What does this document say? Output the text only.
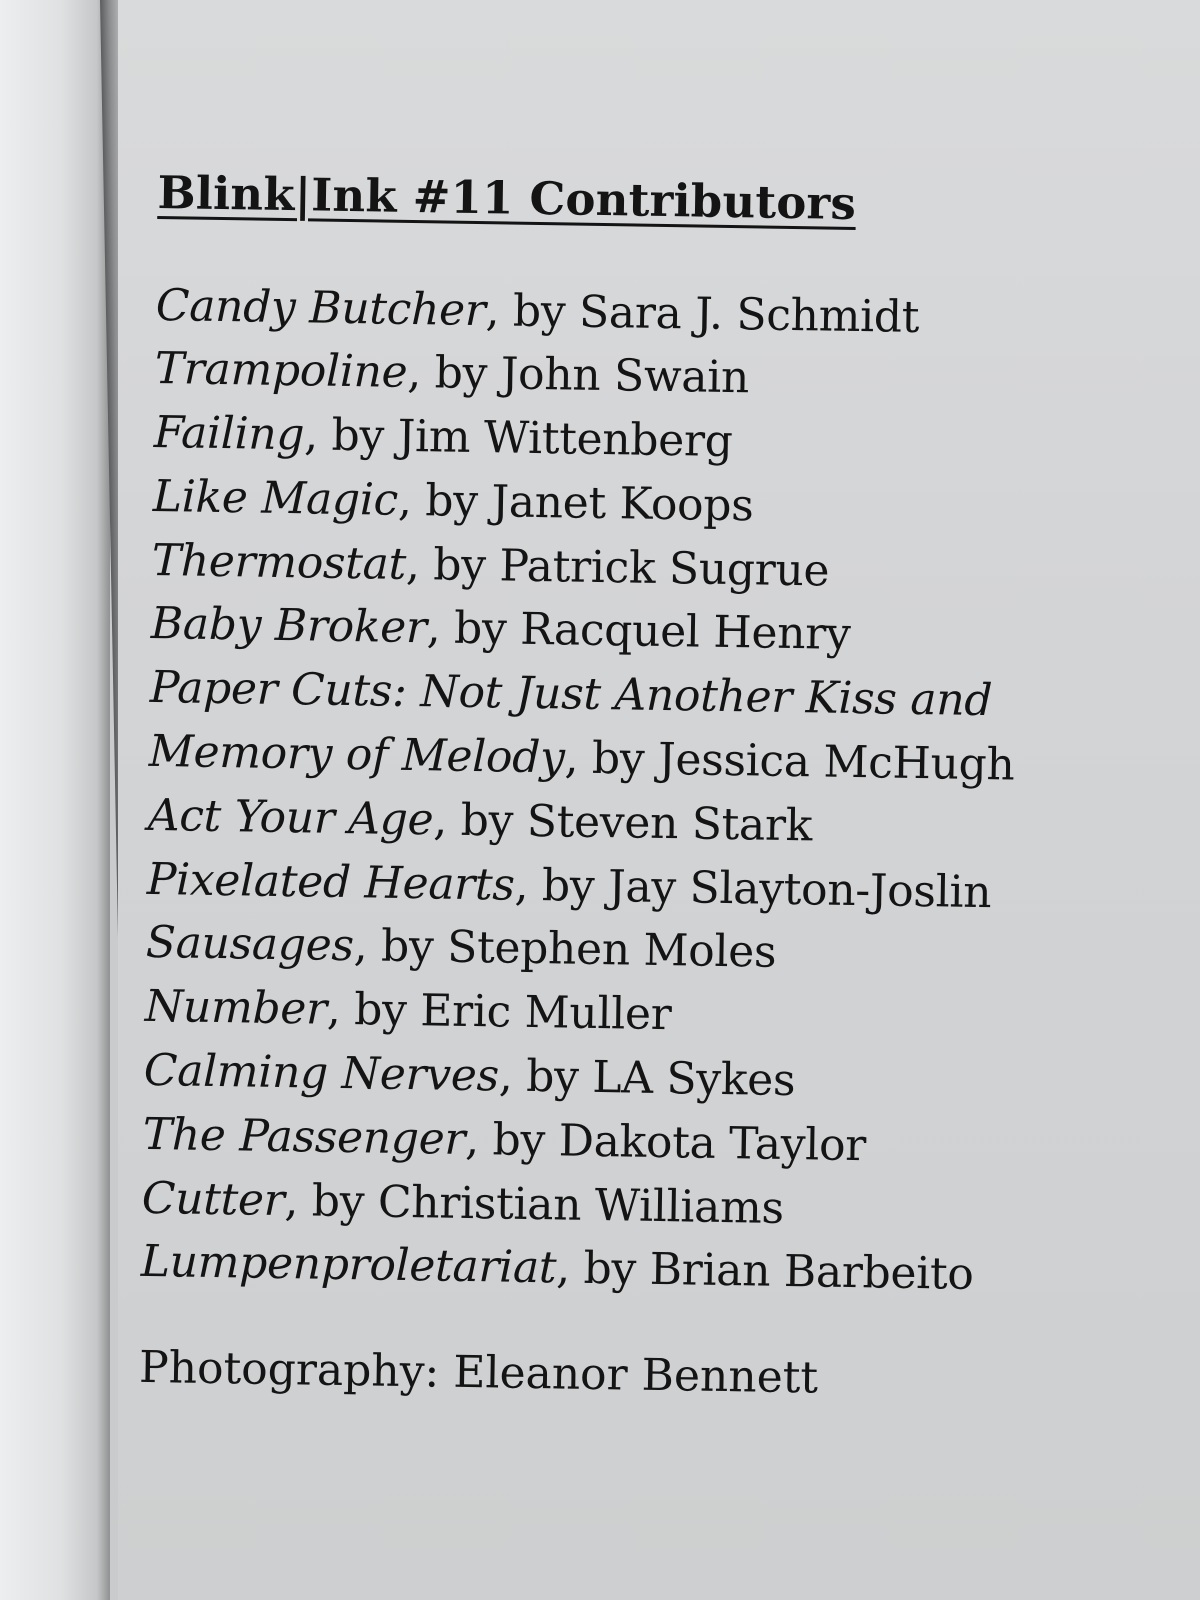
Blink|Ink #11 Contributors
Candy Butcher, by Sara J. Schmidt
Trampoline, by John Swain
Failing, by Jim Wittenberg
Like Magic, by Janet Koops
Thermostat, by Patrick Sugrue
Baby Broker, by Racquel Henry
Paper Cuts: Not Just Another Kiss and
Memory of Melody, by Jessica McHugh
Act Your Age, by Steven Stark
Pixelated Hearts, by Jay Slayton-Joslin
Sausages, by Stephen Moles
Number, by Eric Muller
Calming Nerves, by LA Sykes
The Passenger, by Dakota Taylor
Cutter, by Christian Williams
Lumpenproletariat, by Brian Barbeito
Photography: Eleanor Bennett
